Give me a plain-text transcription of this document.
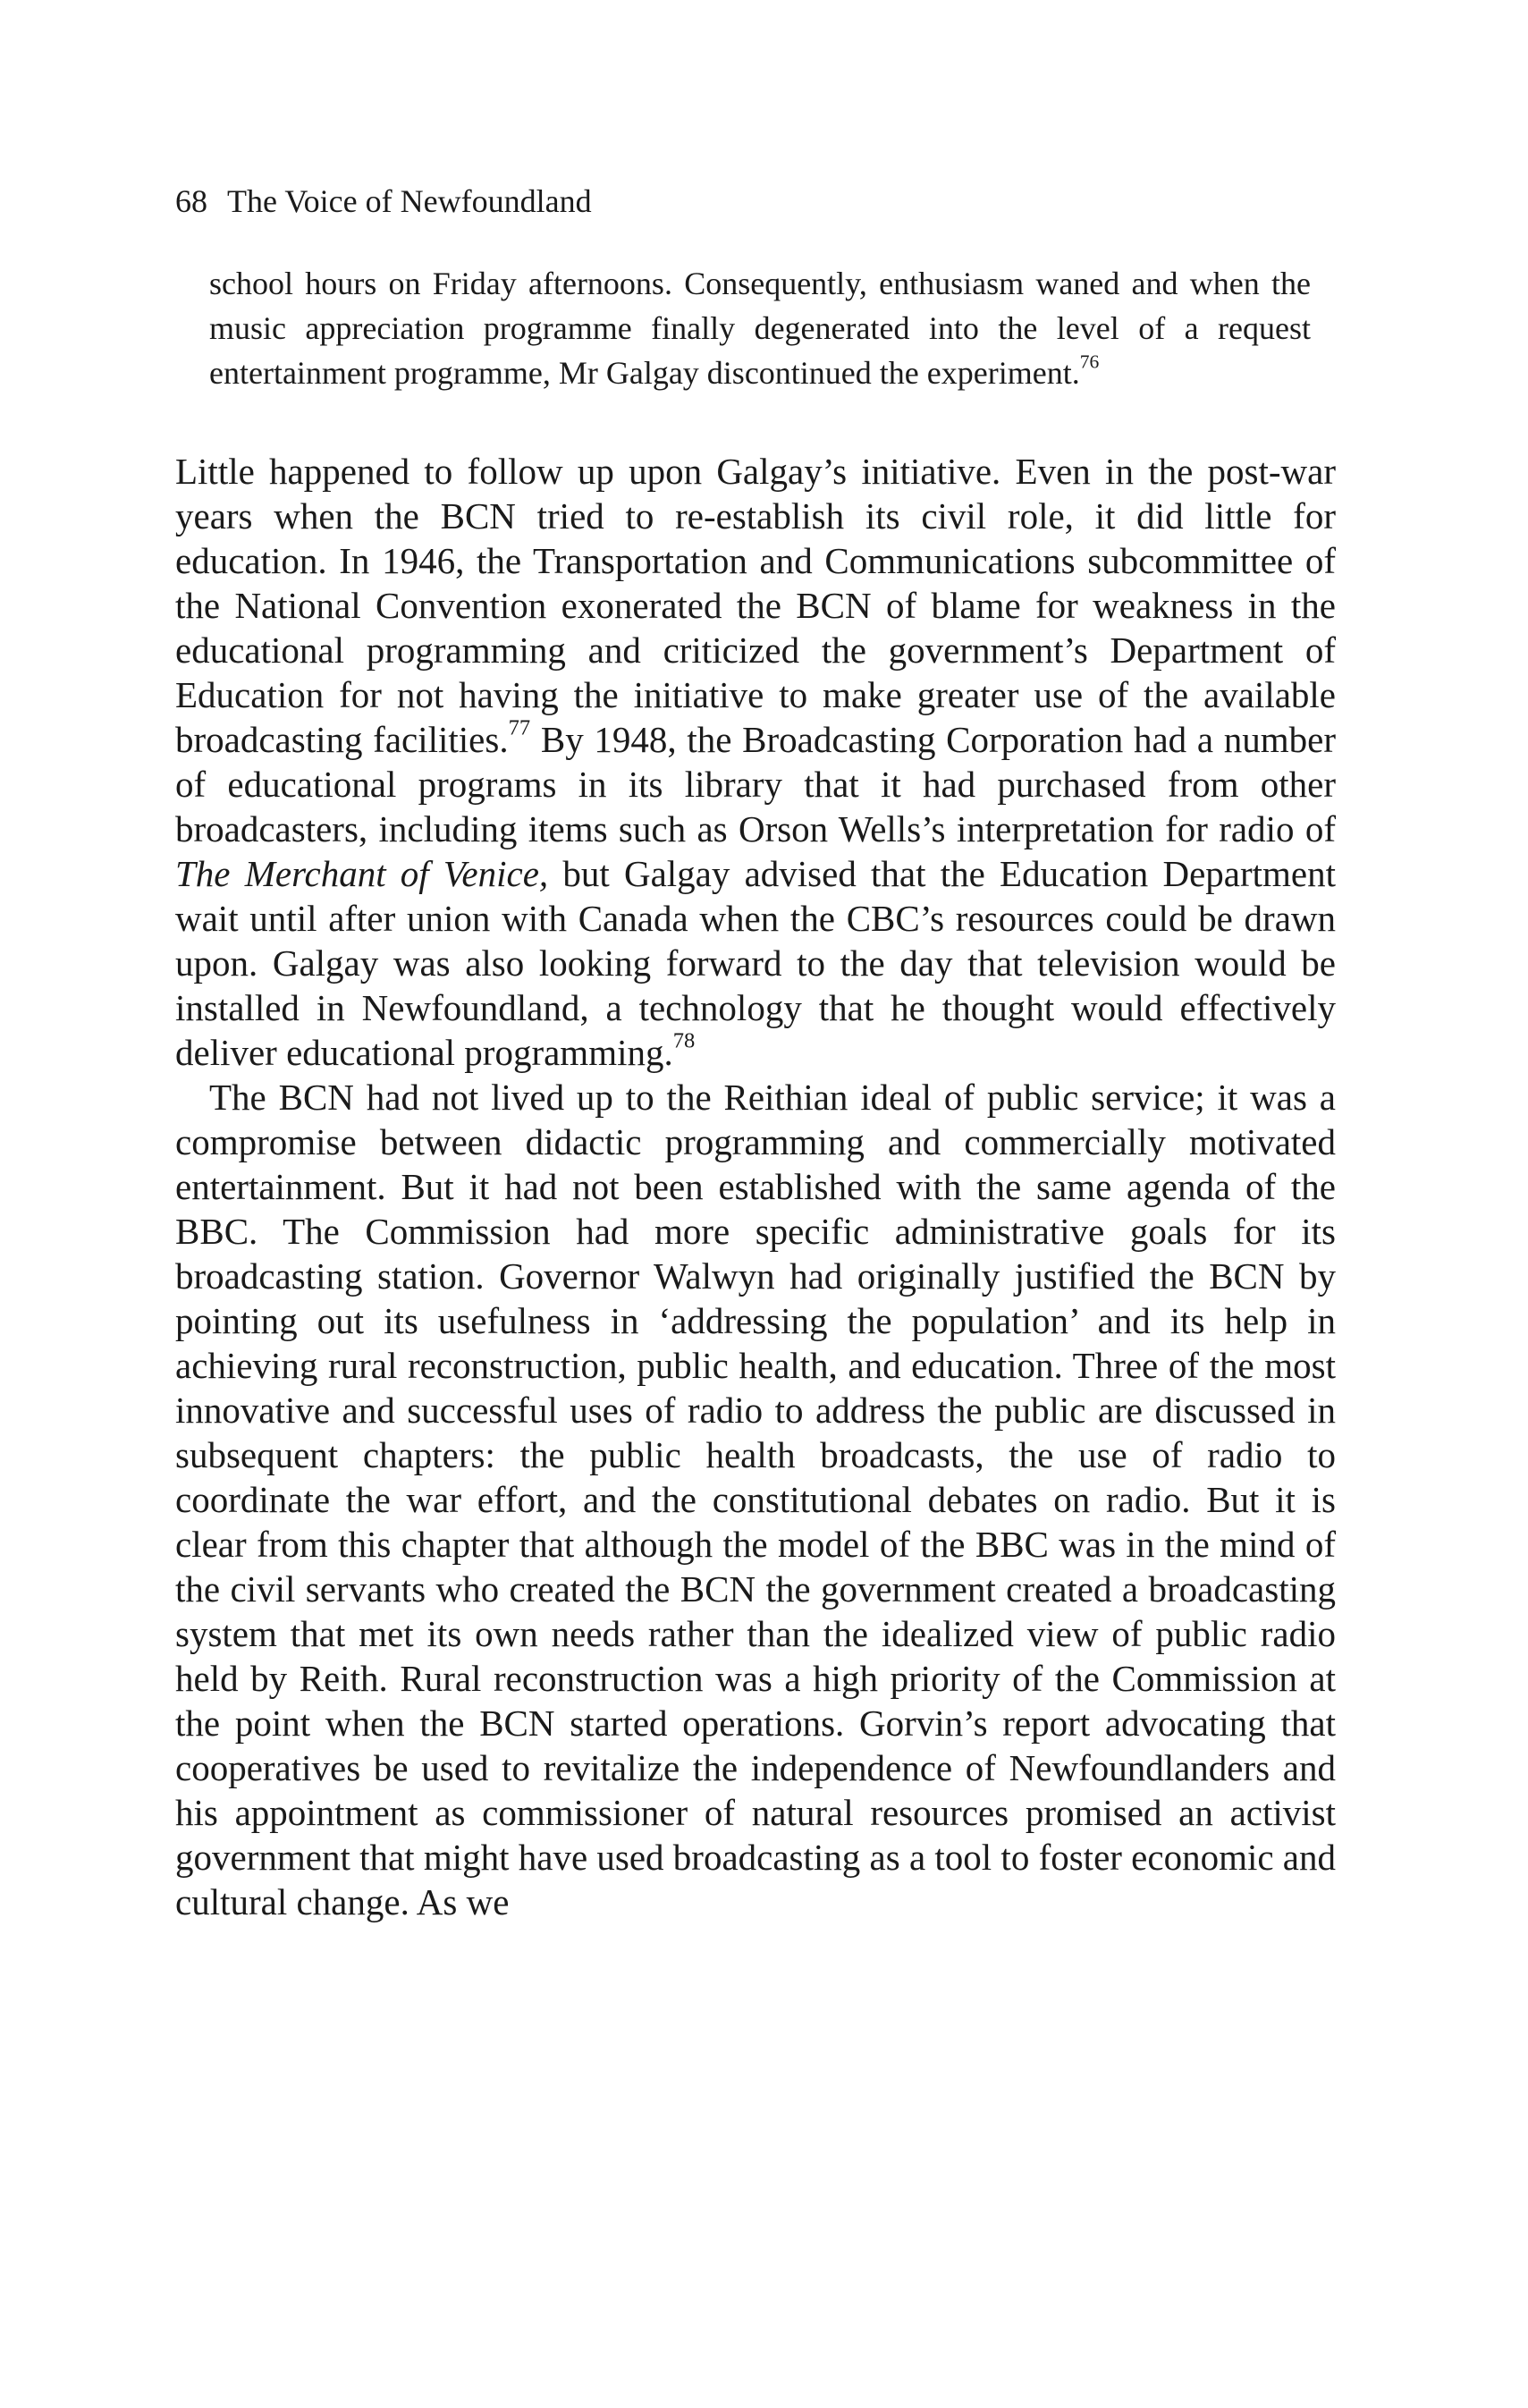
68 The Voice of Newfoundland
school hours on Friday afternoons. Consequently, enthusiasm waned and when the music appreciation programme finally degenerated into the level of a request entertainment programme, Mr Galgay discontinued the experiment.$^{76}$

Little happened to follow up upon Galgay’s initiative. Even in the post-war years when the BCN tried to re-establish its civil role, it did little for education. In 1946, the Transportation and Communications subcommittee of the National Convention exonerated the BCN of blame for weakness in the educational programming and criticized the government’s Department of Education for not having the initiative to make greater use of the available broadcasting facilities.$^{77}$ By 1948, the Broadcasting Corporation had a number of educational programs in its library that it had purchased from other broadcasters, including items such as Orson Wells’s interpretation for radio of The Merchant of Venice, but Galgay advised that the Education Department wait until after union with Canada when the CBC’s resources could be drawn upon. Galgay was also looking forward to the day that television would be installed in Newfoundland, a technology that he thought would effectively deliver educational programming.$^{78}$

The BCN had not lived up to the Reithian ideal of public service; it was a compromise between didactic programming and commercially motivated entertainment. But it had not been established with the same agenda of the BBC. The Commission had more specific administrative goals for its broadcasting station. Governor Walwyn had originally justified the BCN by pointing out its usefulness in ‘addressing the population’ and its help in achieving rural reconstruction, public health, and education. Three of the most innovative and successful uses of radio to address the public are discussed in subsequent chapters: the public health broadcasts, the use of radio to coordinate the war effort, and the constitutional debates on radio. But it is clear from this chapter that although the model of the BBC was in the mind of the civil servants who created the BCN the government created a broadcasting system that met its own needs rather than the idealized view of public radio held by Reith. Rural reconstruction was a high priority of the Commission at the point when the BCN started operations. Gorvin’s report advocating that cooperatives be used to revitalize the independence of Newfoundlanders and his appointment as commissioner of natural resources promised an activist government that might have used broadcasting as a tool to foster economic and cultural change. As we
